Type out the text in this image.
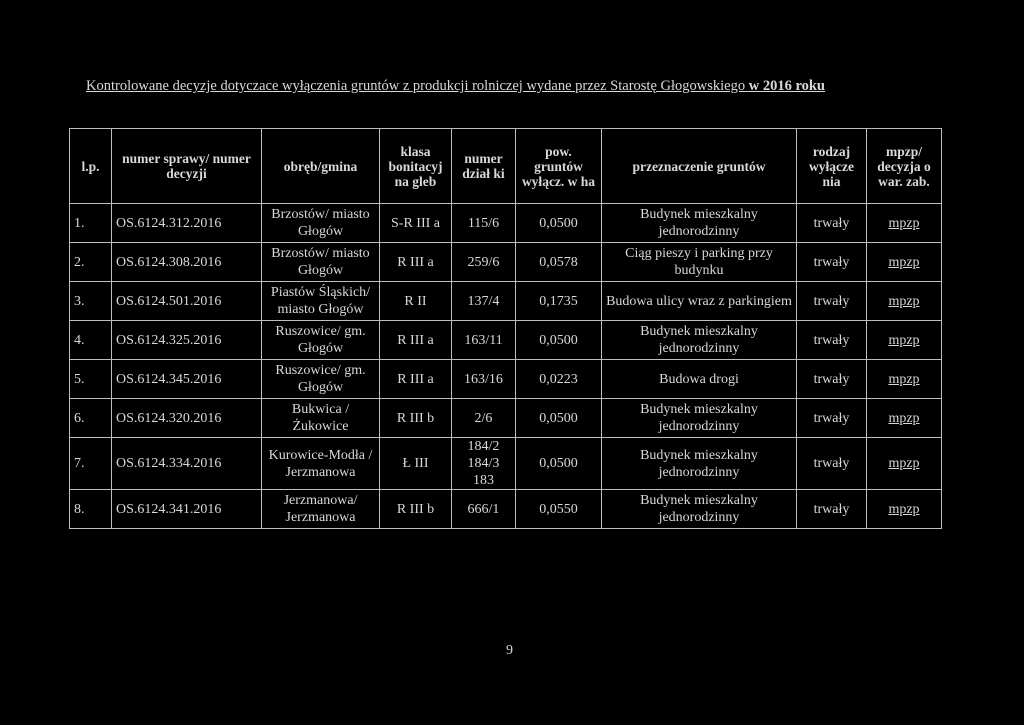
Kontrolowane decyzje dotyczace wyłączenia gruntów z produkcji rolniczej wydane przez Starostę Głogowskiego w 2016 roku
l.p.	numer sprawy/ numer decyzji	obręb/gmina	klasa bonitacyj na gleb	numer dział ki	pow. gruntów wyłącz. w ha	przeznaczenie gruntów	rodzaj wyłącze nia	mpzp/ decyzja o war. zab.
1.	OS.6124.312.2016	Brzostów/ miasto Głogów	S-R III a	115/6	0,0500	Budynek mieszkalny jednorodzinny	trwały	mpzp
2.	OS.6124.308.2016	Brzostów/ miasto Głogów	R III a	259/6	0,0578	Ciąg pieszy i parking przy budynku	trwały	mpzp
3.	OS.6124.501.2016	Piastów Śląskich/ miasto Głogów	R II	137/4	0,1735	Budowa ulicy wraz z parkingiem	trwały	mpzp
4.	OS.6124.325.2016	Ruszowice/ gm. Głogów	R III a	163/11	0,0500	Budynek mieszkalny jednorodzinny	trwały	mpzp
5.	OS.6124.345.2016	Ruszowice/ gm. Głogów	R III a	163/16	0,0223	Budowa drogi	trwały	mpzp
6.	OS.6124.320.2016	Bukwica / Żukowice	R III b	2/6	0,0500	Budynek mieszkalny jednorodzinny	trwały	mpzp
7.	OS.6124.334.2016	Kurowice-Modła / Jerzmanowa	Ł III	184/2 184/3 183	0,0500	Budynek mieszkalny jednorodzinny	trwały	mpzp
8.	OS.6124.341.2016	Jerzmanowa/ Jerzmanowa	R III b	666/1	0,0550	Budynek mieszkalny jednorodzinny	trwały	mpzp
9
